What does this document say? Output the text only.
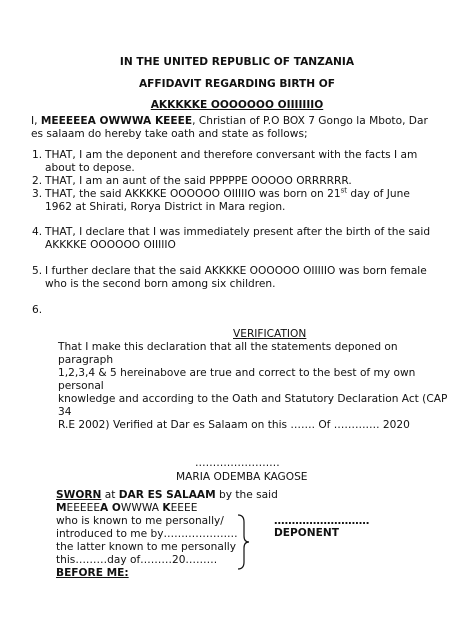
IN THE UNITED REPUBLIC OF TANZANIA
AFFIDAVIT REGARDING BIRTH OF
AKKKKKE OOOOOOO OIIIIIIIO
I, MEEEEEA OWWWA KEEEE, Christian of P.O BOX 7 Gongo la Mboto, Dar
es salaam do hereby take oath and state as follows;
1. THAT, I am the deponent and therefore conversant with the facts I am
about to depose.
2. THAT, I am an aunt of the said PPPPPE OOOOO ORRRRRR.
3. THAT, the said AKKKKE OOOOOO OIIIIIO was born on 21st day of June
1962 at Shirati, Rorya District in Mara region.
4. THAT, I declare that I was immediately present after the birth of the said
AKKKKE OOOOOO OIIIIIO
5. I further declare that the said AKKKKE OOOOOO OIIIIIO was born female
who is the second born among six children.
6.
VERIFICATION
That I make this declaration that all the statements deponed on paragraph
1,2,3,4 & 5 hereinabove are true and correct to the best of my own personal
knowledge and according to the Oath and Statutory Declaration Act (CAP 34
R.E 2002) Verified at Dar es Salaam on this ……. Of …………. 2020
……………………
MARIA ODEMBA KAGOSE
SWORN at DAR ES SALAAM by the said
MEEEEEA OWWWA KEEEE
who is known to me personally/
introduced to me by…………………
the latter known to me personally
this………day of………20………
BEFORE ME:
………………………
DEPONENT
